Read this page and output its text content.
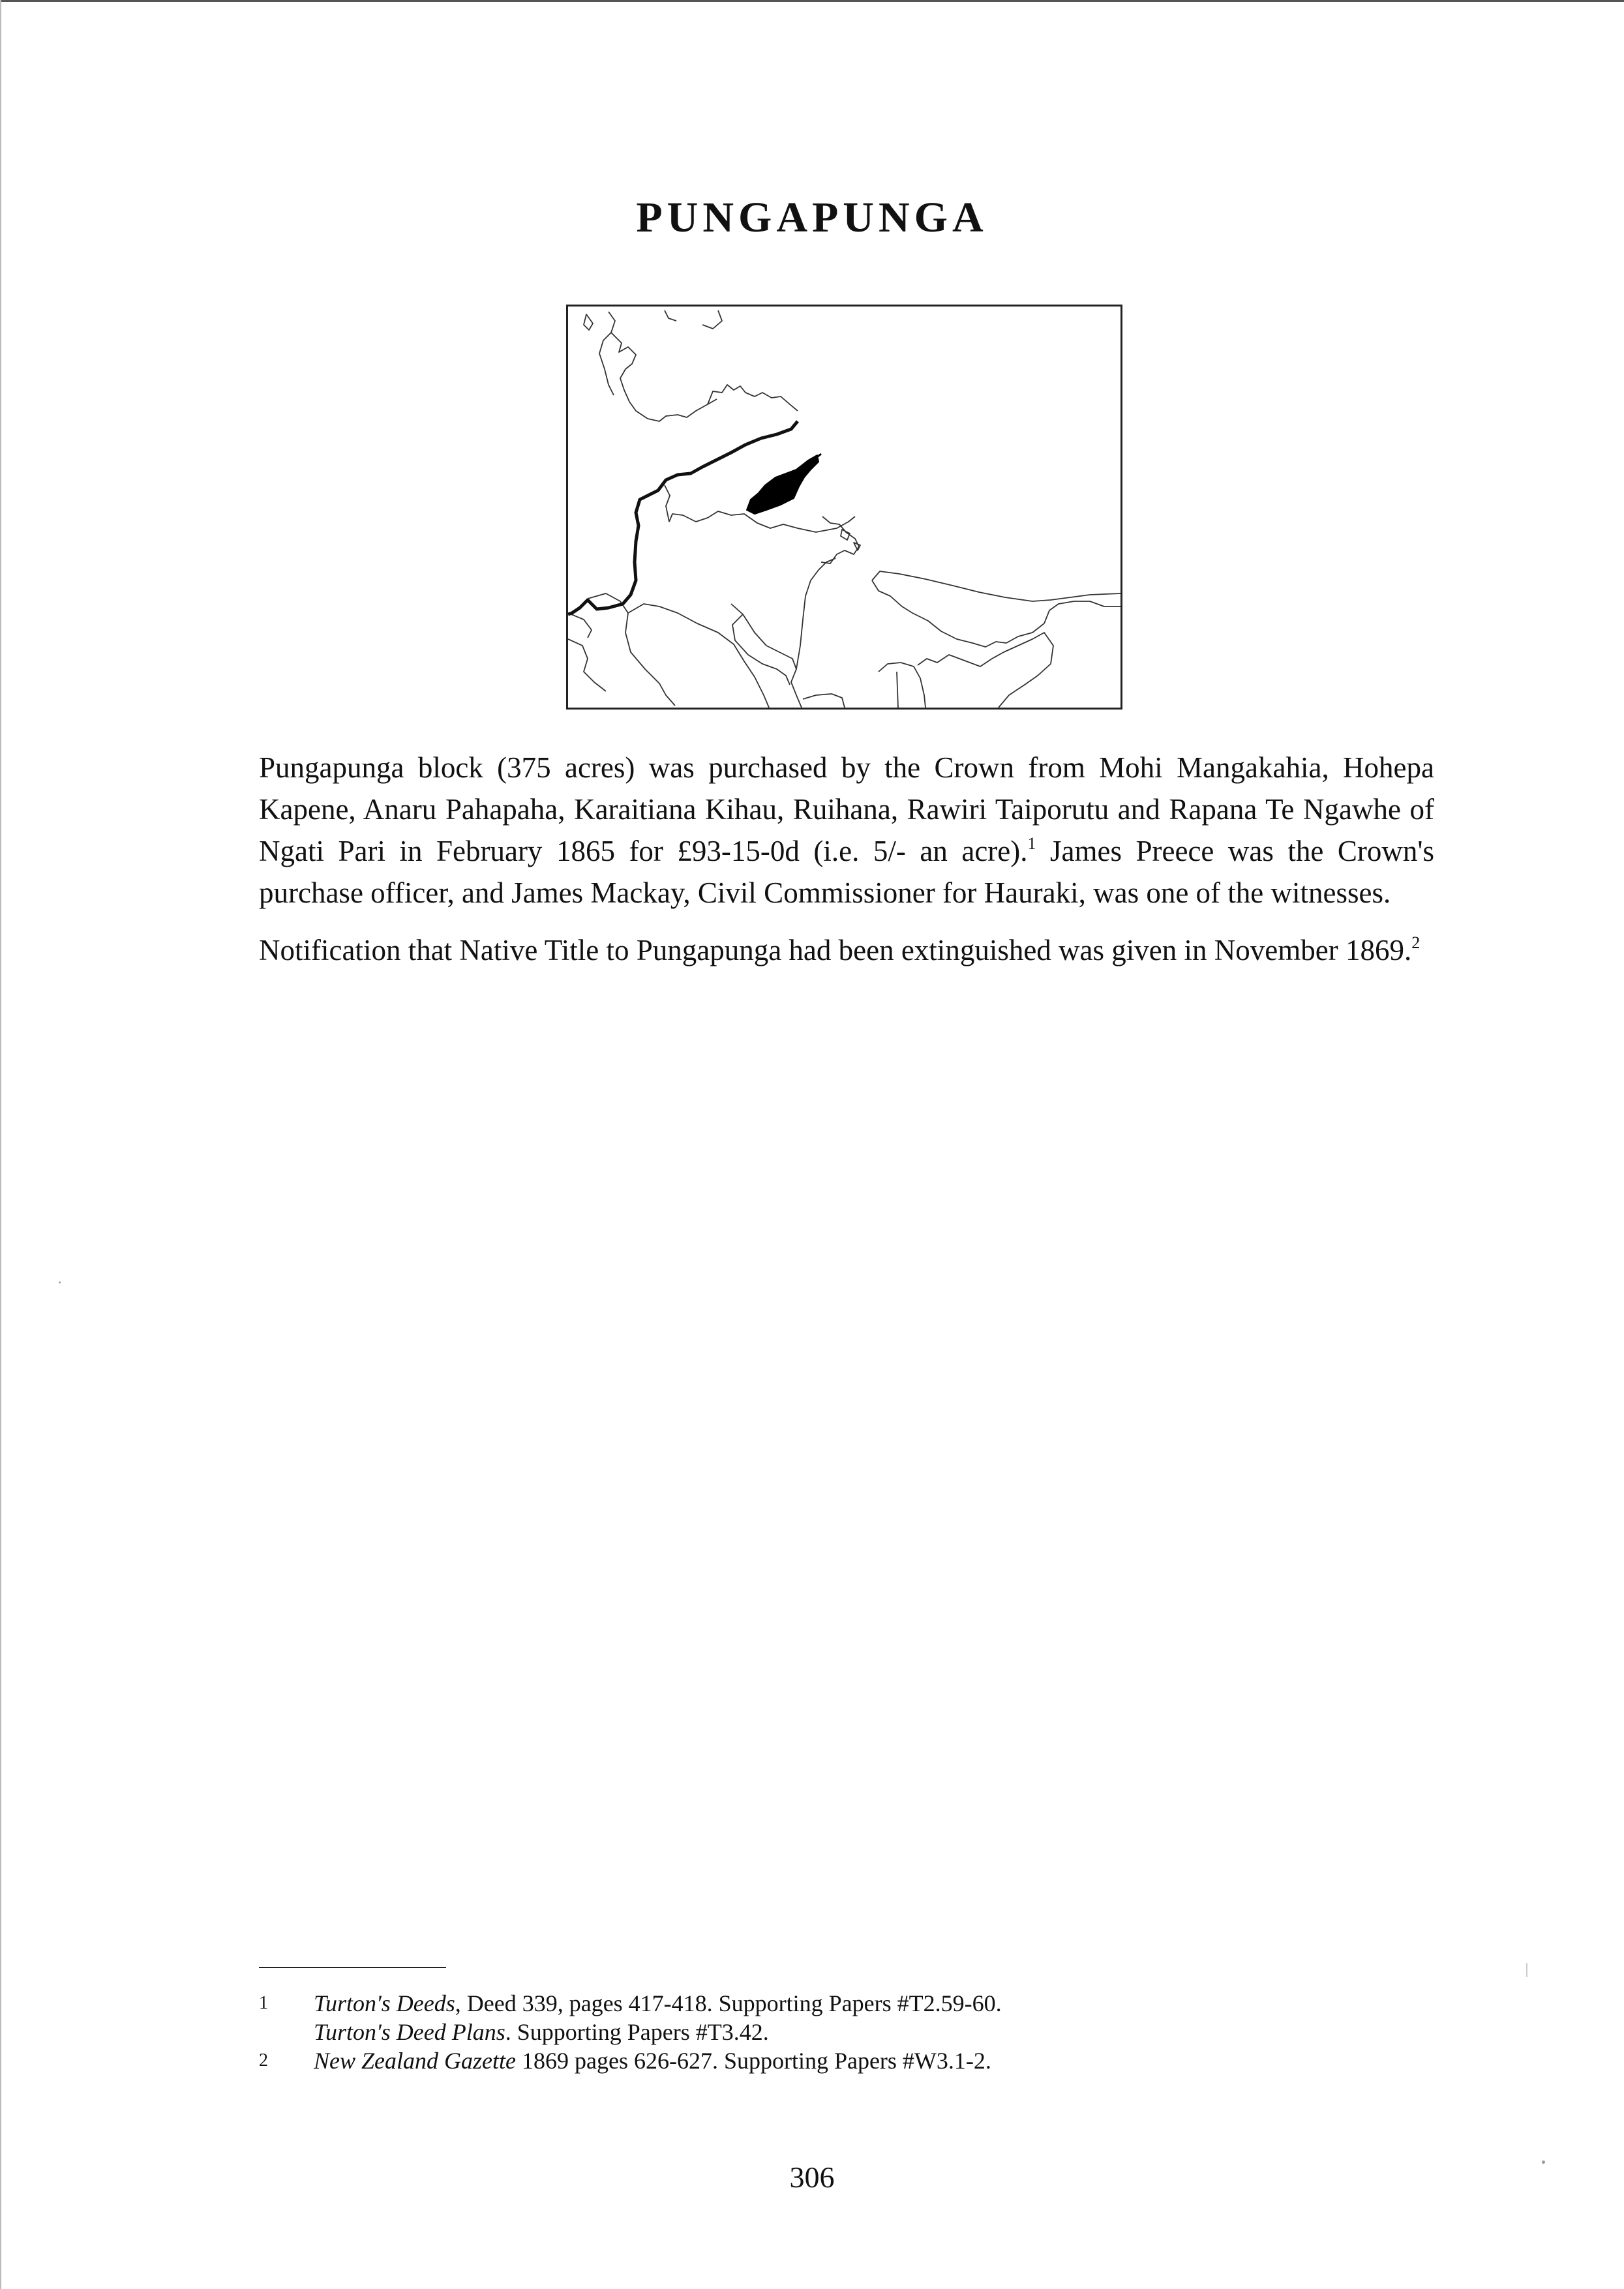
PUNGAPUNGA

Pungapunga block (375 acres) was purchased by the Crown from Mohi Mangakahia, Hohepa Kapene, Anaru Pahapaha, Karaitiana Kihau, Ruihana, Rawiri Taiporutu and Rapana Te Ngawhe of Ngati Pari in February 1865 for £93-15-0d (i.e. 5/- an acre).$^1$ James Preece was the Crown's purchase officer, and James Mackay, Civil Commissioner for Hauraki, was one of the witnesses.

Notification that Native Title to Pungapunga had been extinguished was given in November 1869.$^2$

1	Turton's Deeds, Deed 339, pages 417-418. Supporting Papers #T2.59-60.
Turton's Deed Plans. Supporting Papers #T3.42.
2	New Zealand Gazette 1869 pages 626-627. Supporting Papers #W3.1-2.
306
